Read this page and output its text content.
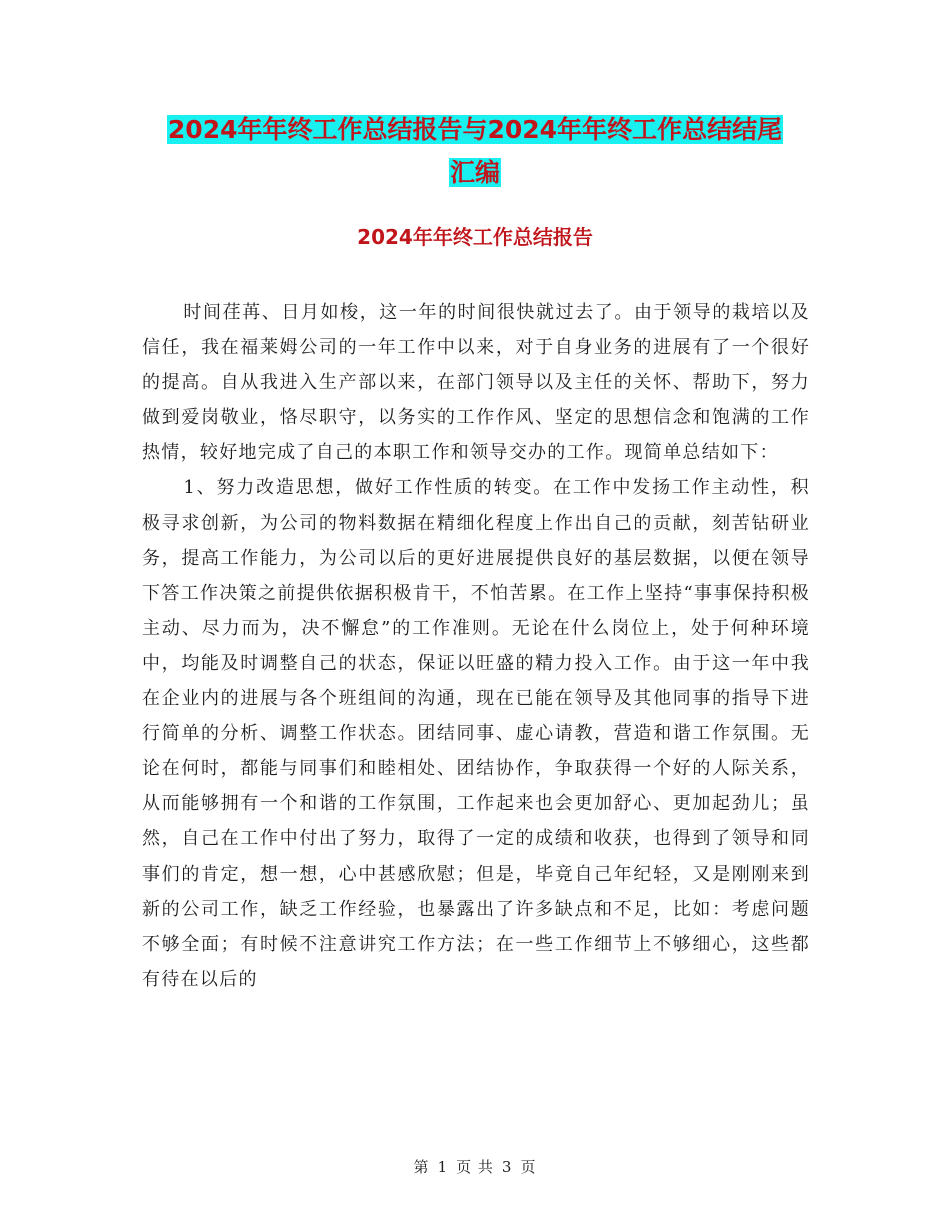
2024年年终工作总结报告与2024年年终工作总结结尾
汇编
2024年年终工作总结报告

时间荏苒、日月如梭，这一年的时间很快就过去了。由于领导的栽培以及信任，我在福莱姆公司的一年工作中以来，对于自身业务的进展有了一个很好的提高。自从我进入生产部以来，在部门领导以及主任的关怀、帮助下，努力做到爱岗敬业，恪尽职守，以务实的工作作风、坚定的思想信念和饱满的工作热情，较好地完成了自己的本职工作和领导交办的工作。现简单总结如下：

1、努力改造思想，做好工作性质的转变。在工作中发扬工作主动性，积极寻求创新，为公司的物料数据在精细化程度上作出自己的贡献，刻苦钻研业务，提高工作能力，为公司以后的更好进展提供良好的基层数据，以便在领导下答工作决策之前提供依据积极肯干，不怕苦累。在工作上坚持“事事保持积极主动、尽力而为，决不懈怠”的工作准则。无论在什么岗位上，处于何种环境中，均能及时调整自己的状态，保证以旺盛的精力投入工作。由于这一年中我在企业内的进展与各个班组间的沟通，现在已能在领导及其他同事的指导下进行简单的分析、调整工作状态。团结同事、虚心请教，营造和谐工作氛围。无论在何时，都能与同事们和睦相处、团结协作，争取获得一个好的人际关系，从而能够拥有一个和谐的工作氛围，工作起来也会更加舒心、更加起劲儿；虽然，自己在工作中付出了努力，取得了一定的成绩和收获，也得到了领导和同事们的肯定，想一想，心中甚感欣慰；但是，毕竟自己年纪轻，又是刚刚来到新的公司工作，缺乏工作经验，也暴露出了许多缺点和不足，比如：考虑问题不够全面；有时候不注意讲究工作方法；在一些工作细节上不够细心，这些都有待在以后的

第 1 页 共 3 页
